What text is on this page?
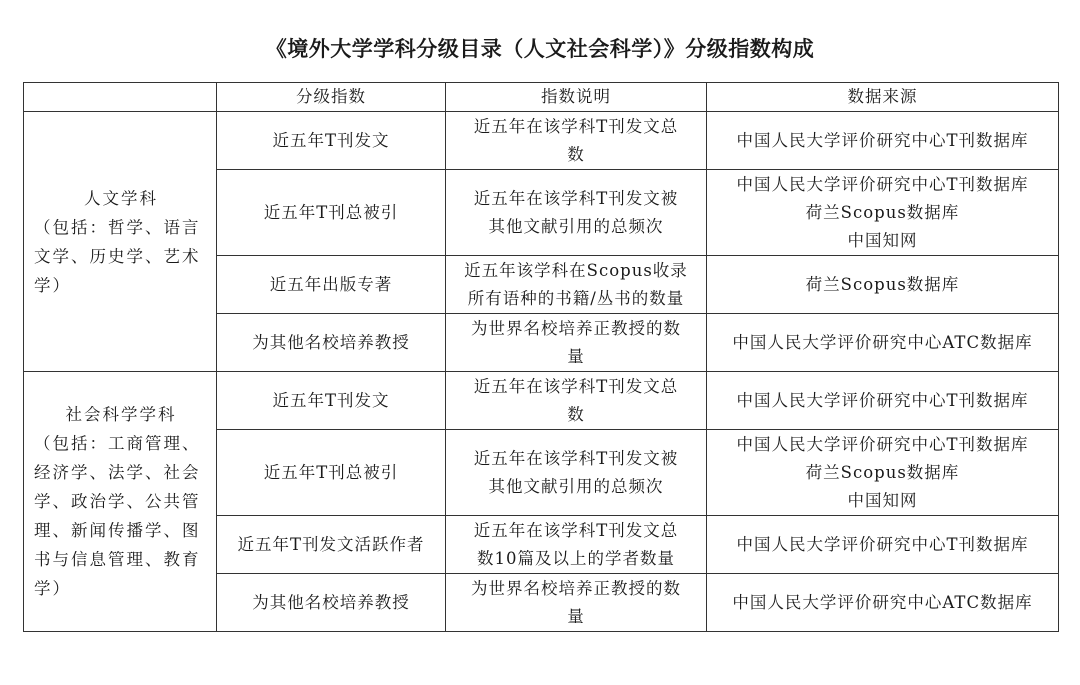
《境外大学学科分级目录（人文社会科学）》分级指数构成
	分级指数	指数说明	数据来源

人文学科
（包括：哲学、语言文学、历史学、艺术学）	近五年T刊发文	近五年在该学科T刊发文总
数	中国人民大学评价研究中心T刊数据库

	近五年T刊总被引	近五年在该学科T刊发文被
其他文献引用的总频次	中国人民大学评价研究中心T刊数据库
荷兰Scopus数据库
中国知网

	近五年出版专著	近五年该学科在Scopus收录
所有语种的书籍/丛书的数量	荷兰Scopus数据库

	为其他名校培养教授	为世界名校培养正教授的数
量	中国人民大学评价研究中心ATC数据库

社会科学学科
（包括：工商管理、经济学、法学、社会学、政治学、公共管理、新闻传播学、图书与信息管理、教育学）	近五年T刊发文	近五年在该学科T刊发文总
数	中国人民大学评价研究中心T刊数据库

	近五年T刊总被引	近五年在该学科T刊发文被
其他文献引用的总频次	中国人民大学评价研究中心T刊数据库
荷兰Scopus数据库
中国知网

	近五年T刊发文活跃作者	近五年在该学科T刊发文总
数10篇及以上的学者数量	中国人民大学评价研究中心T刊数据库

	为其他名校培养教授	为世界名校培养正教授的数
量	中国人民大学评价研究中心ATC数据库
